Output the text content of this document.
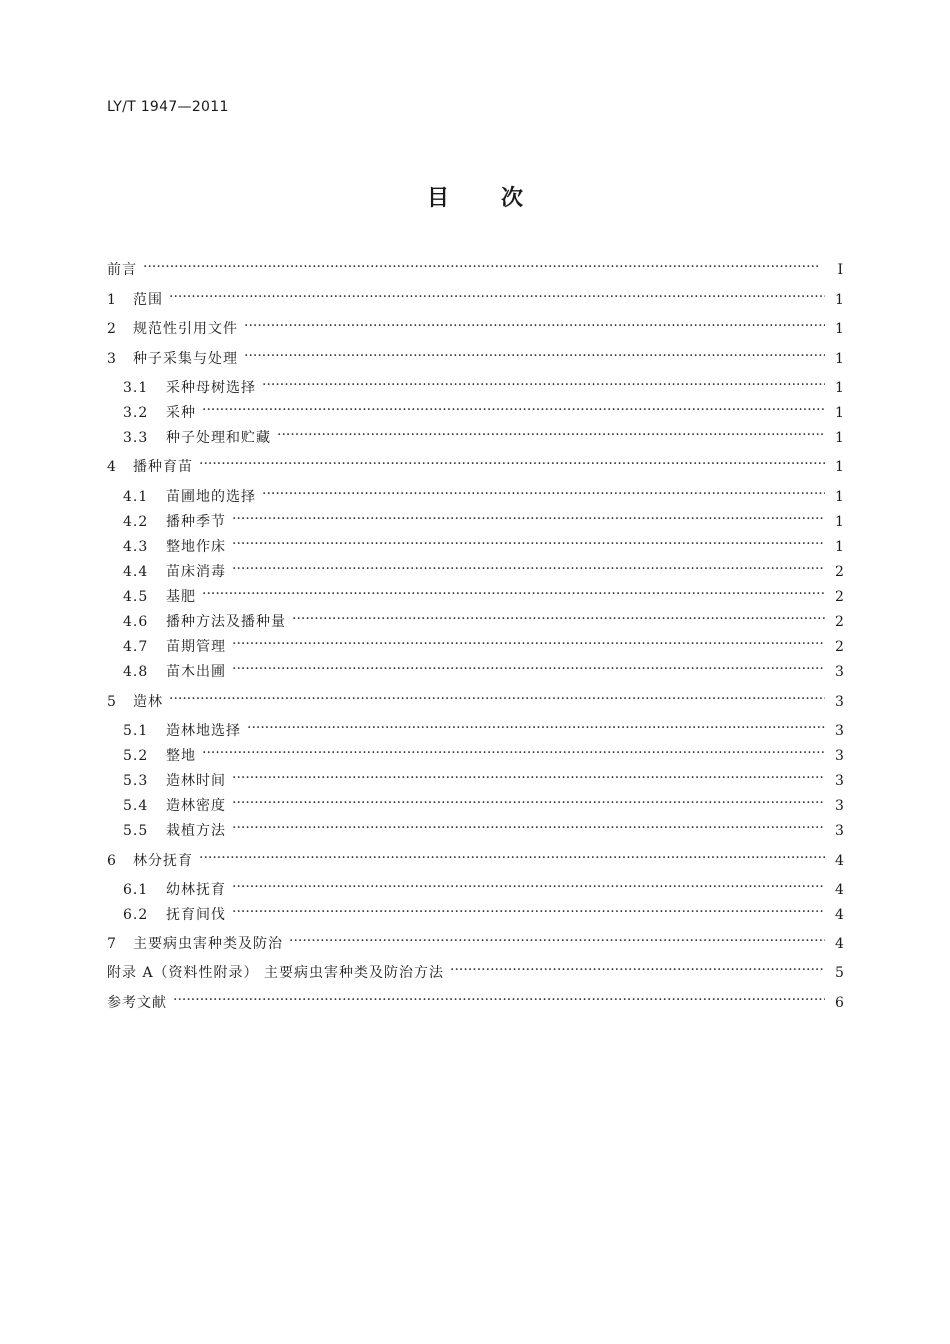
LY/T 1947—2011
目 次
前言 ·····	Ⅰ
1	范围 ·····	1
2	规范性引用文件 ·····	1
3	种子采集与处理 ·····	1
3.1	采种母树选择 ·····	1
3.2	采种 ·····	1
3.3	种子处理和贮藏 ·····	1
4	播种育苗 ·····	1
4.1	苗圃地的选择 ·····	1
4.2	播种季节 ·····	1
4.3	整地作床 ·····	1
4.4	苗床消毒 ·····	2
4.5	基肥 ·····	2
4.6	播种方法及播种量 ·····	2
4.7	苗期管理 ·····	2
4.8	苗木出圃 ·····	3
5	造林 ·····	3
5.1	造林地选择 ·····	3
5.2	整地 ·····	3
5.3	造林时间 ·····	3
5.4	造林密度 ·····	3
5.5	栽植方法 ·····	3
6	林分抚育 ·····	4
6.1	幼林抚育 ·····	4
6.2	抚育间伐 ·····	4
7	主要病虫害种类及防治 ·····	4
附录 A（资料性附录） 主要病虫害种类及防治方法 ·····	5
参考文献 ·····	6
